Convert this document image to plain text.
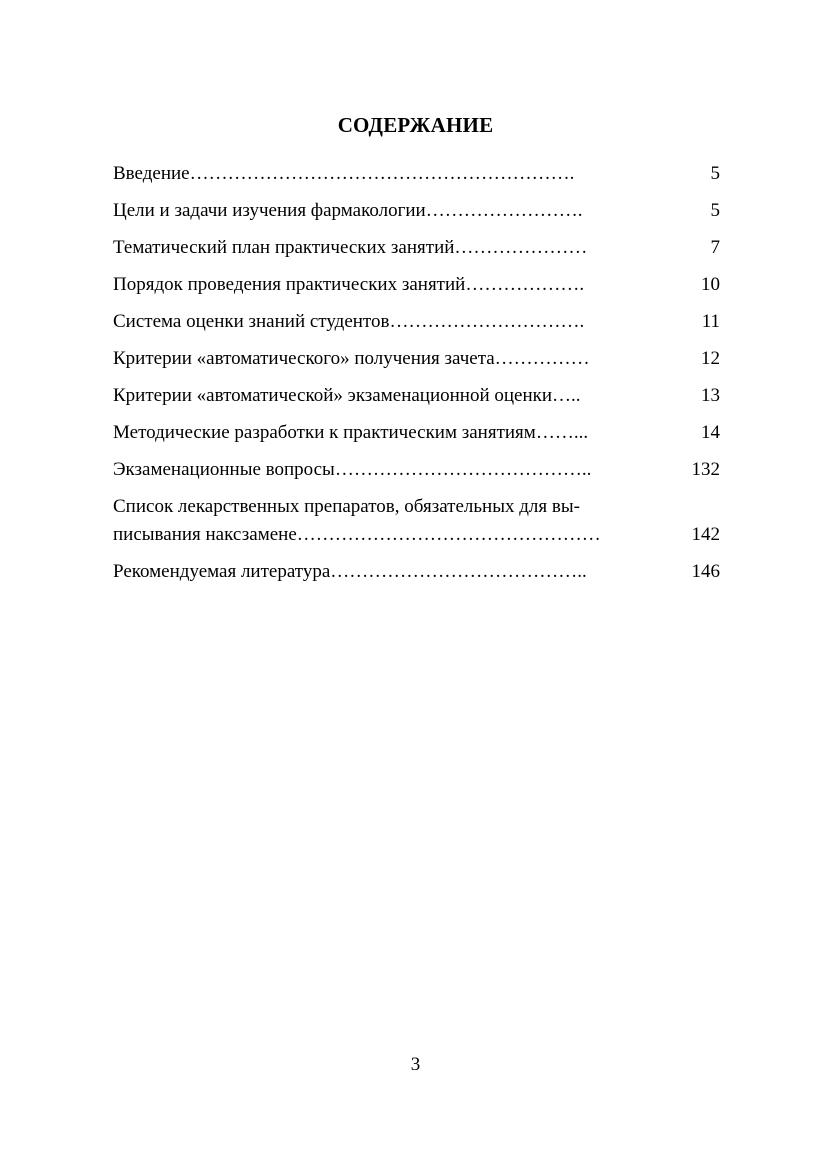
СОДЕРЖАНИЕ
Введение…………………………………………………….	5
Цели и задачи изучения фармакологии…………………….	5
Тематический план практических занятий…………………	7
Порядок проведения практических занятий……………….	10
Система оценки знаний студентов………………………….	11
Критерии «автоматического» получения зачета……………	12
Критерии «автоматической» экзаменационной оценки…..	13
Методические разработки к практическим занятиям……...	14
Экзаменационные вопросы…………………………………..	132
Список лекарственных препаратов, обязательных для вы-
писывания наксзамене…………………………………………	142
Рекомендуемая литература…………………………………..	146
3
